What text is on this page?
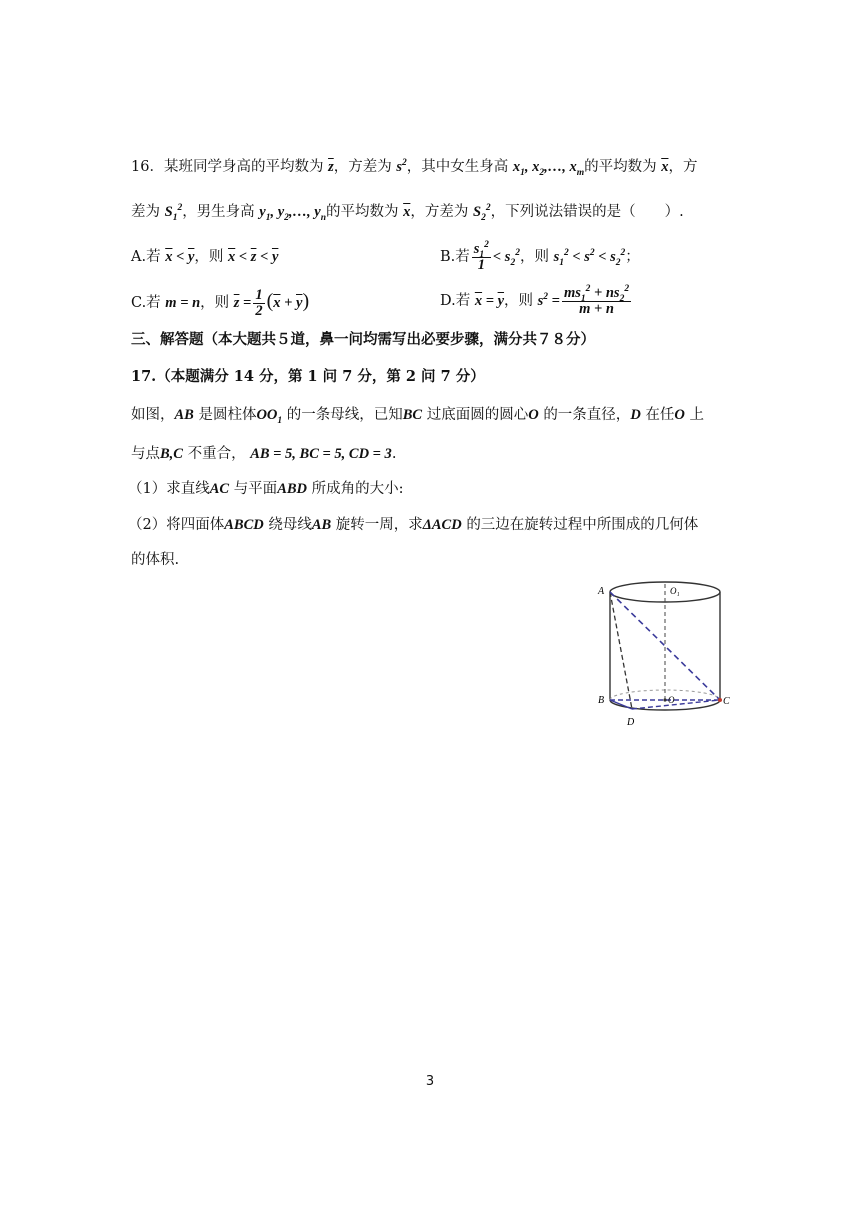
16．某班同学身高的平均数为 $\overline{z}$，方差为 $s^2$，其中女生身高 $x_1$, $x_2,\dots$, $x_m$的平均数为 $\overline{x}$，方
差为 $S_1^2$，男生身高 $y_1$, $y_2,\dots$, $y_n$的平均数为 $\overline{x}$，方差为 $S_2^2$，下列说法错误的是（　　）.
A.若 $\overline{x} < \overline{y}$，则 $\overline{x} < \overline{z} < \overline{y}$	B.若 $\frac{s_1^2}{1} < s_2^2$，则 $s_1^2 < s^2 < s_2^2$；
C.若 m = n，则 $\overline{z} = \frac{1}{2} (\overline{x} + \overline{y})$	D.若 $\overline{x} = \overline{y}$，则 $s^2 = \frac{ms_1^2 + ns_2^2}{m + n}$
三、解答题（本大题共５道，鼻一问均需写出必要步骤，满分共７８分）
17.（本题满分 14 分，第 1 问 7 分，第 2 问 7 分）
如图，AB 是圆柱体$OO_1$ 的一条母线，已知BC 过底面圆的圆心O 的一条直径，D 在任O 上
与点B,C 不重合， AB = 5, BC = 5, CD = 3.
（1）求直线AC 与平面ABD 所成角的大小:
（2）将四面体ABCD 绕母线AB 旋转一周，求ΔACD 的三边在旋转过程中所围成的几何体
的体积.
A	O₁
B	O	C
D
3
